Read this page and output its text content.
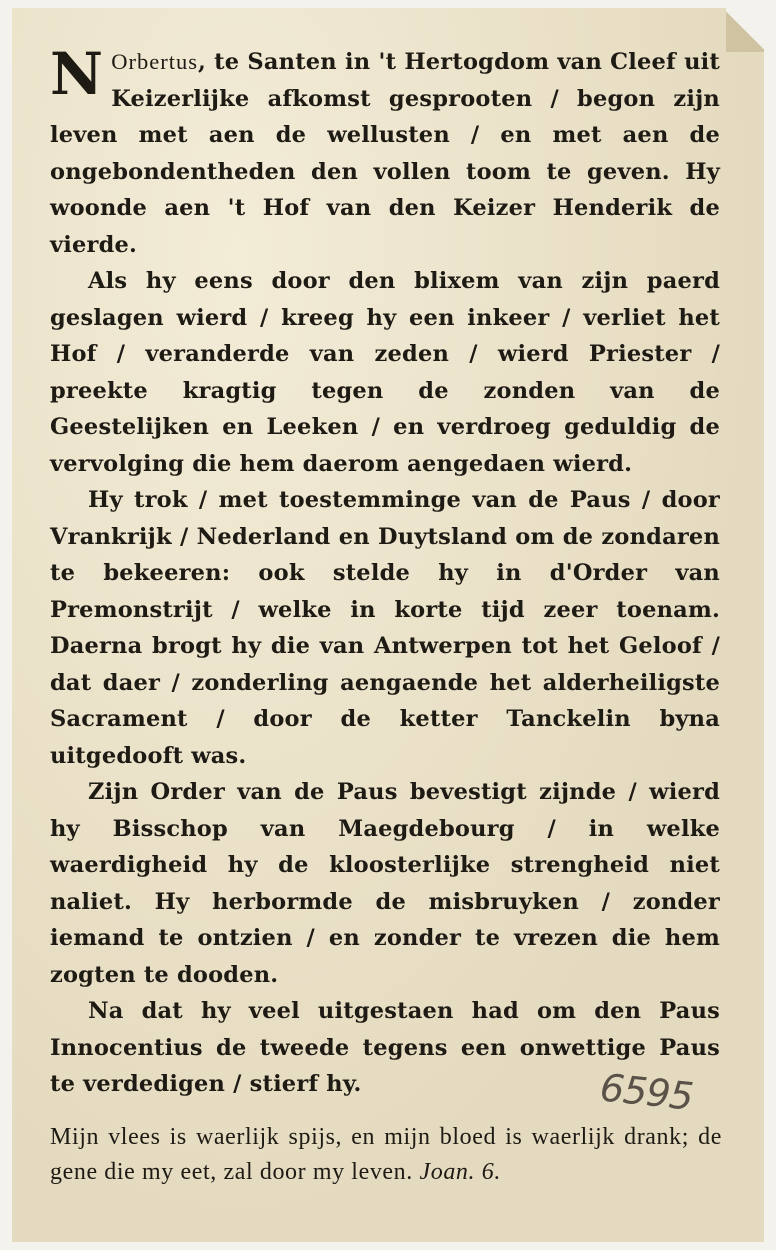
N Orbertus, te Santen in 't Hertogdom van Cleef uit Keizerlijke afkomst gesprooten / begon zijn leven met aen de wellusten / en met aen de ongebondentheden den vollen toom te geven. Hy woonde aen 't Hof van den Keizer Henderik de vierde.

Als hy eens door den blixem van zijn paerd geslagen wierd / kreeg hy een inkeer / verliet het Hof / veranderde van zeden / wierd Priester / preekte kragtig tegen de zonden van de Geestelijken en Leeken / en verdroeg geduldig de vervolging die hem daerom aengedaen wierd.

Hy trok / met toestemminge van de Paus / door Vrankrijk / Nederland en Duytsland om de zondaren te bekeeren: ook stelde hy in d'Order van Premonstrijt / welke in korte tijd zeer toenam. Daerna brogt hy die van Antwerpen tot het Geloof / dat daer / zonderling aengaende het alderheiligste Sacrament / door de ketter Tanckelin byna uitgedooft was.

Zijn Order van de Paus bevestigt zijnde / wierd hy Bisschop van Maegdebourg / in welke waerdigheid hy de kloosterlijke strengheid niet naliet. Hy herbormde de misbruyken / zonder iemand te ontzien / en zonder te vrezen die hem zogten te dooden.

Na dat hy veel uitgestaen had om den Paus Innocentius de tweede tegens een onwettige Paus te verdedigen / stierf hy.	6595
Mijn vlees is waerlijk spijs, en mijn bloed is waerlijk drank; de gene die my eet, zal door my leven. Joan. 6.
